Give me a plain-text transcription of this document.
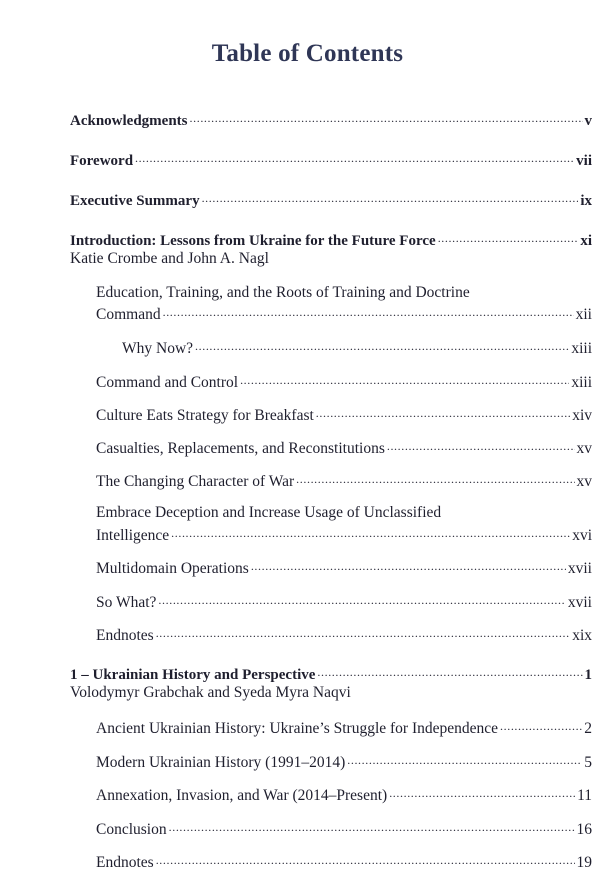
Table of Contents
Acknowledgments . . .	v
Foreword . . .	vii
Executive Summary . . .	ix
Introduction: Lessons from Ukraine for the Future Force . . .	xi
Katie Crombe and John A. Nagl
Education, Training, and the Roots of Training and Doctrine
Command . . .	xii
Why Now? . . .	xiii
Command and Control . . .	xiii
Culture Eats Strategy for Breakfast . . .	xiv
Casualties, Replacements, and Reconstitutions . . .	xv
The Changing Character of War . . .	xv
Embrace Deception and Increase Usage of Unclassified
Intelligence . . .	xvi
Multidomain Operations . . .	xvii
So What? . . .	xvii
Endnotes . . .	xix
1 – Ukrainian History and Perspective . . .	1
Volodymyr Grabchak and Syeda Myra Naqvi
Ancient Ukrainian History: Ukraine’s Struggle for Independence . . .	2
Modern Ukrainian History (1991–2014) . . .	5
Annexation, Invasion, and War (2014–Present) . . .	11
Conclusion . . .	16
Endnotes . . .	19
